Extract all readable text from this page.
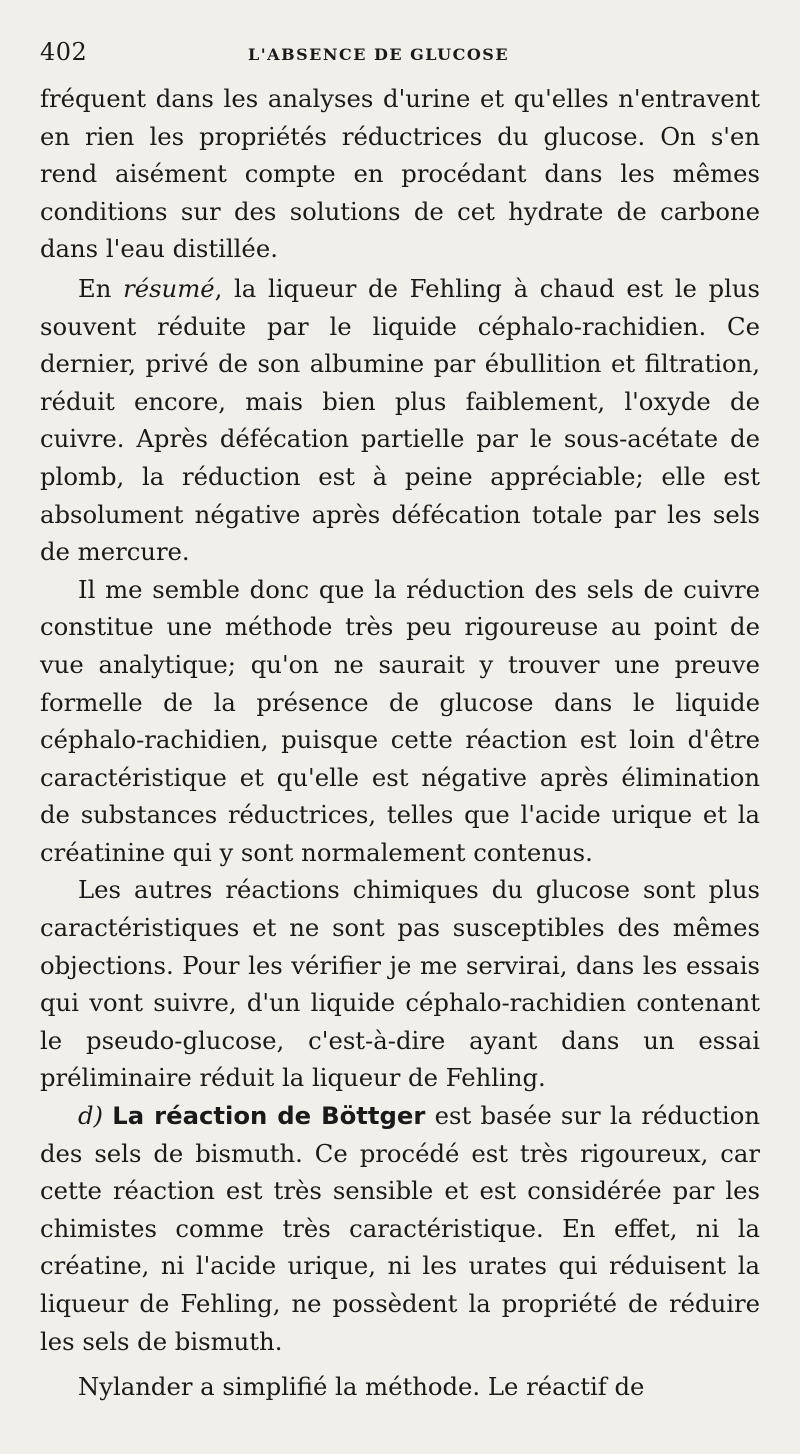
402	L'ABSENCE DE GLUCOSE

fréquent dans les analyses d'urine et qu'elles n'entravent en rien les propriétés réductrices du glucose. On s'en rend aisément compte en procédant dans les mêmes conditions sur des solutions de cet hydrate de carbone dans l'eau distillée.

En résumé, la liqueur de Fehling à chaud est le plus souvent réduite par le liquide céphalo-rachidien. Ce dernier, privé de son albumine par ébullition et filtration, réduit encore, mais bien plus faiblement, l'oxyde de cuivre. Après défécation partielle par le sous-acétate de plomb, la réduction est à peine appréciable; elle est absolument négative après défécation totale par les sels de mercure.

Il me semble donc que la réduction des sels de cuivre constitue une méthode très peu rigoureuse au point de vue analytique; qu'on ne saurait y trouver une preuve formelle de la présence de glucose dans le liquide céphalo-rachidien, puisque cette réaction est loin d'être caractéristique et qu'elle est négative après élimination de substances réductrices, telles que l'acide urique et la créatinine qui y sont normalement contenus.

Les autres réactions chimiques du glucose sont plus caractéristiques et ne sont pas susceptibles des mêmes objections. Pour les vérifier je me servirai, dans les essais qui vont suivre, d'un liquide céphalo-rachidien contenant le pseudo-glucose, c'est-à-dire ayant dans un essai préliminaire réduit la liqueur de Fehling.

d) La réaction de Böttger est basée sur la réduction des sels de bismuth. Ce procédé est très rigoureux, car cette réaction est très sensible et est considérée par les chimistes comme très caractéristique. En effet, ni la créatine, ni l'acide urique, ni les urates qui réduisent la liqueur de Fehling, ne possèdent la propriété de réduire les sels de bismuth.

Nylander a simplifié la méthode. Le réactif de
